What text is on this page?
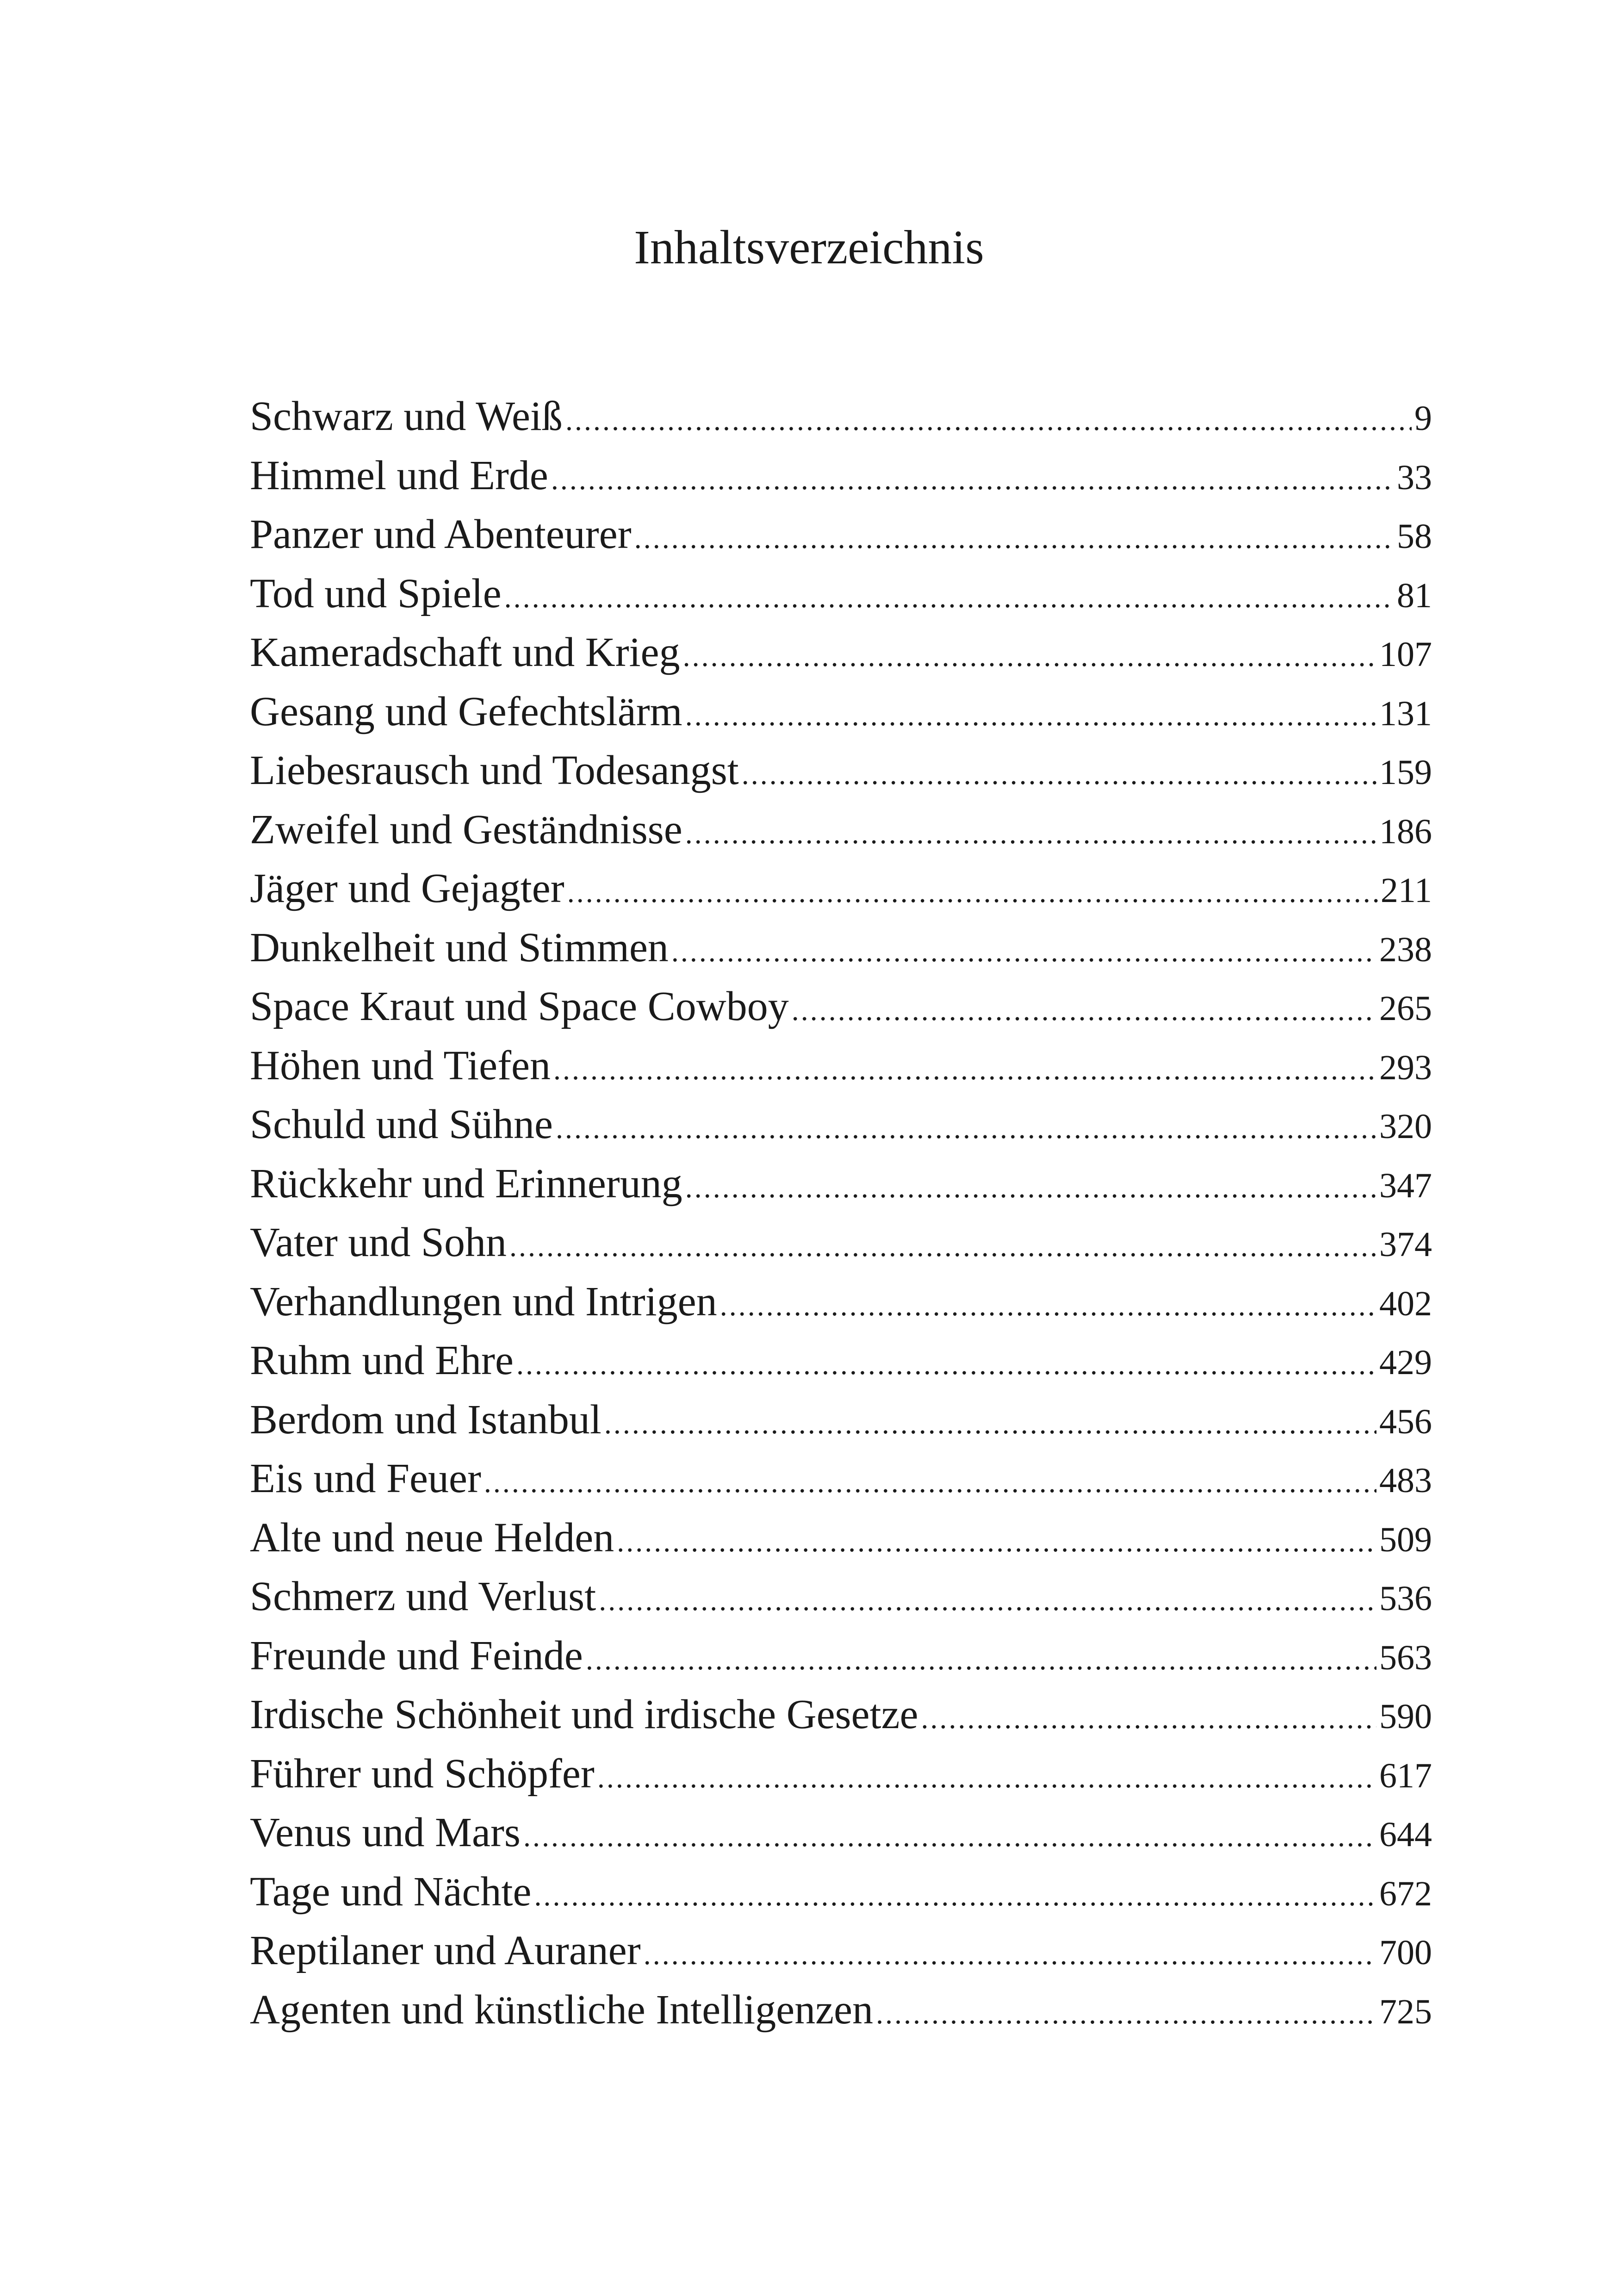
Inhaltsverzeichnis
Schwarz und Weiß .....	9
Himmel und Erde .....	33
Panzer und Abenteurer .....	58
Tod und Spiele .....	81
Kameradschaft und Krieg .....	107
Gesang und Gefechtslärm .....	131
Liebesrausch und Todesangst .....	159
Zweifel und Geständnisse .....	186
Jäger und Gejagter .....	211
Dunkelheit und Stimmen .....	238
Space Kraut und Space Cowboy .....	265
Höhen und Tiefen .....	293
Schuld und Sühne .....	320
Rückkehr und Erinnerung .....	347
Vater und Sohn .....	374
Verhandlungen und Intrigen .....	402
Ruhm und Ehre .....	429
Berdom und Istanbul .....	456
Eis und Feuer .....	483
Alte und neue Helden .....	509
Schmerz und Verlust .....	536
Freunde und Feinde .....	563
Irdische Schönheit und irdische Gesetze .....	590
Führer und Schöpfer .....	617
Venus und Mars .....	644
Tage und Nächte .....	672
Reptilaner und Auraner .....	700
Agenten und künstliche Intelligenzen .....	725
